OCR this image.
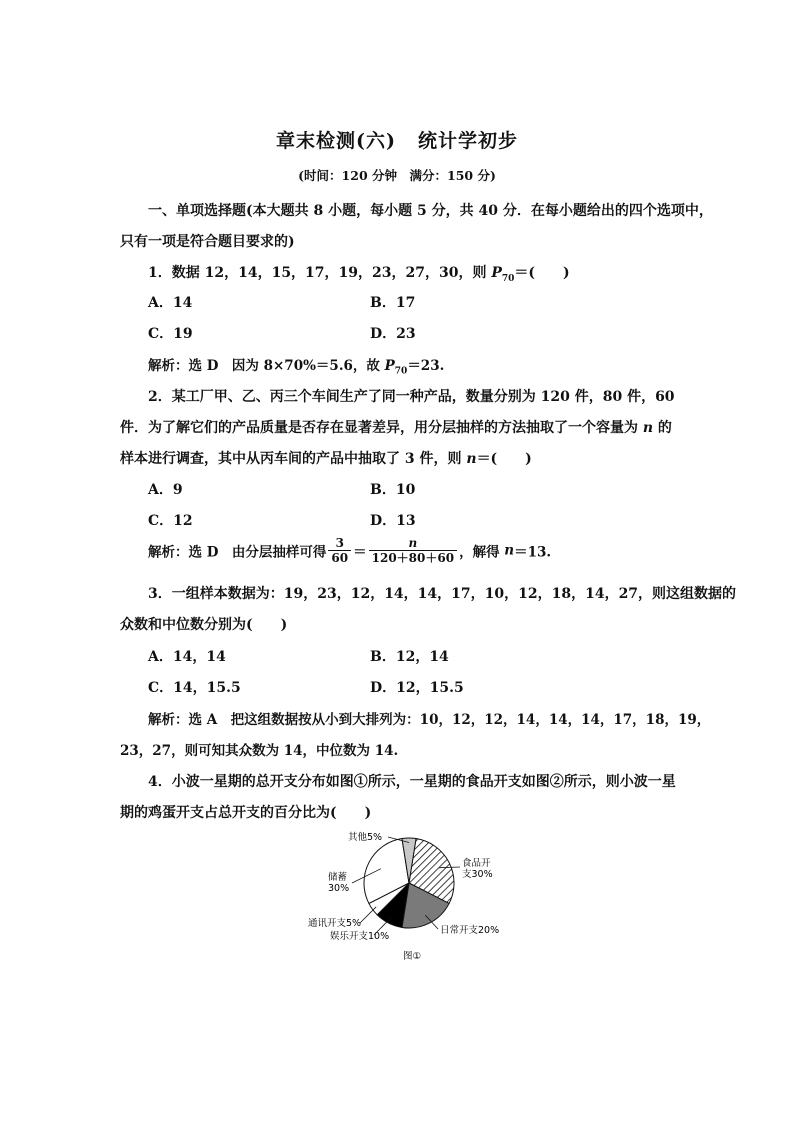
章末检测(六) 统计学初步
(时间：120 分钟　满分：150 分)
一、单项选择题(本大题共 8 小题，每小题 5 分，共 40 分．在每小题给出的四个选项中，
只有一项是符合题目要求的)
1．数据 12，14，15，17，19，23，27，30，则 $P_{70}=$(　　)
A．14	B．17
C．19	D．23
解析：选 D　因为 8×70%＝5.6，故 $P_{70}=23$.
2．某工厂甲、乙、丙三个车间生产了同一种产品，数量分别为 120 件，80 件，60
件．为了解它们的产品质量是否存在显著差异，用分层抽样的方法抽取了一个容量为 n 的
样本进行调查，其中从丙车间的产品中抽取了 3 件，则 n＝(　　)
A．9	B．10
C．12	D．13
解析：选 D　由分层抽样可得 $\frac{3}{60} = \frac{n}{120+80+60}$ ，解得 n＝13.
3．一组样本数据为：19，23，12，14，14，17，10，12，18，14，27，则这组数据的
众数和中位数分别为(　　)
A．14，14	B．12，14
C．14，15.5	D．12，15.5
解析：选 A　把这组数据按从小到大排列为：10，12，12，14，14，14，17，18，19，
23，27，则可知其众数为 14，中位数为 14.
4．小波一星期的总开支分布如图①所示，一星期的食品开支如图②所示，则小波一星
期的鸡蛋开支占总开支的百分比为(　　)
食品开
支30%
日常开支20%
娱乐开支10%
通讯开支5%
储蓄
30%
其他5%
图①
